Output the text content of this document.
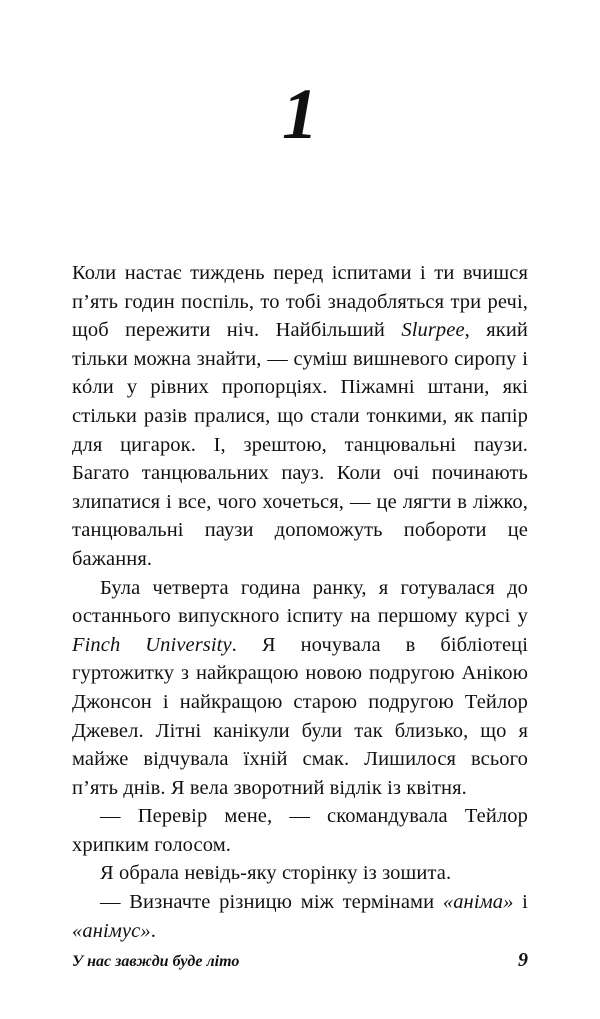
1

Коли настає тиждень перед іспитами і ти вчишся п’ять годин поспіль, то тобі знадобляться три речі, щоб пережити ніч. Найбільший Slurpee, який тільки можна знайти, — суміш вишневого сиропу і кóли у рівних пропорціях. Піжамні штани, які стільки разів пралися, що стали тонкими, як папір для цигарок. І, зрештою, танцювальні паузи. Багато танцювальних пауз. Коли очі починають злипатися і все, чого хочеться, — це лягти в ліжко, танцювальні паузи допоможуть побороти це бажання.

Була четверта година ранку, я готувалася до останнього випускного іспиту на першому курсі у Finch University. Я ночувала в бібліотеці гуртожитку з найкращою новою подругою Анікою Джонсон і найкращою старою подругою Тейлор Джевел. Літні канікули були так близько, що я майже відчувала їхній смак. Лишилося всього п’ять днів. Я вела зворотний відлік із квітня.

— Перевір мене, — скомандувала Тейлор хрипким голосом.

Я обрала невідь-яку сторінку із зошита.

— Визначте різницю між термінами «аніма» і «анімус».

У нас завжди буде літо	9
